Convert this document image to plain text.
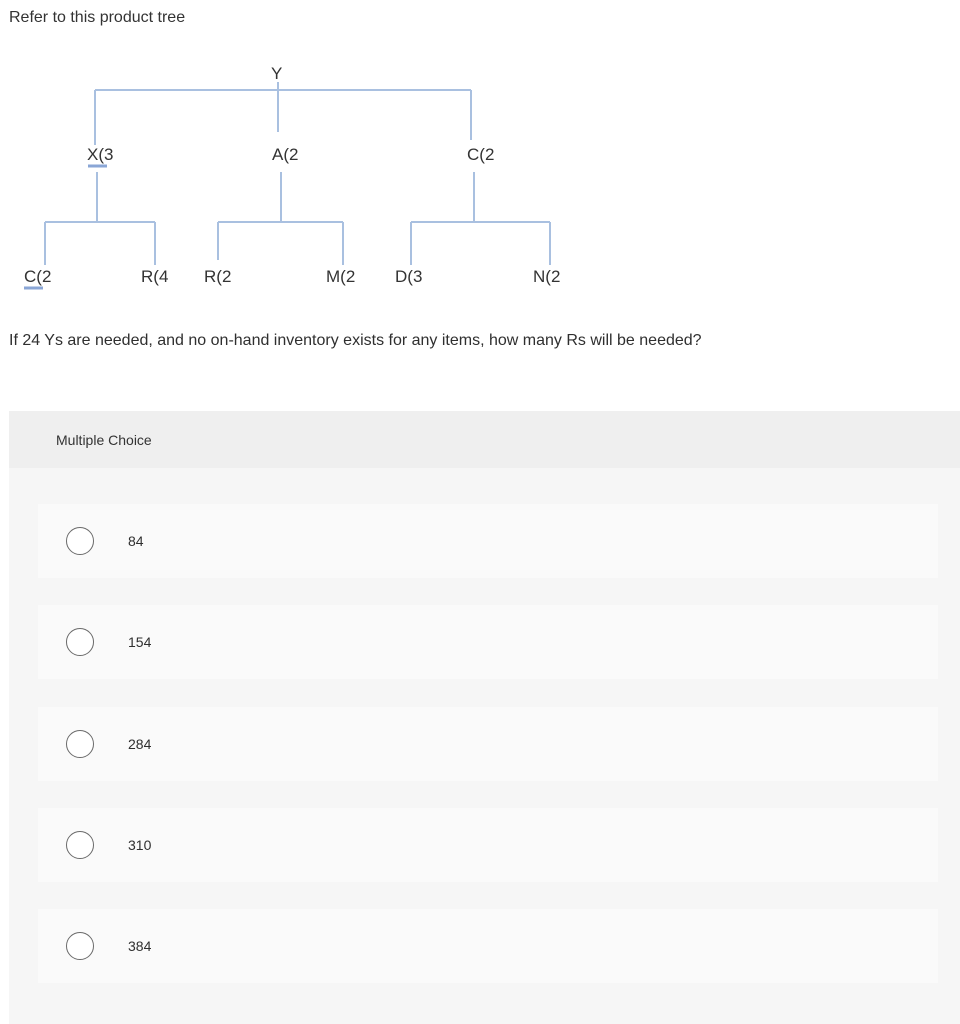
Refer to this product tree
Y
X(3	A(2	C(2
C(2	R(4 R(2	M(2 D(3	N(2
If 24 Ys are needed, and no on-hand inventory exists for any items, how many Rs will be needed?
Multiple Choice
84
154
284
310
384
